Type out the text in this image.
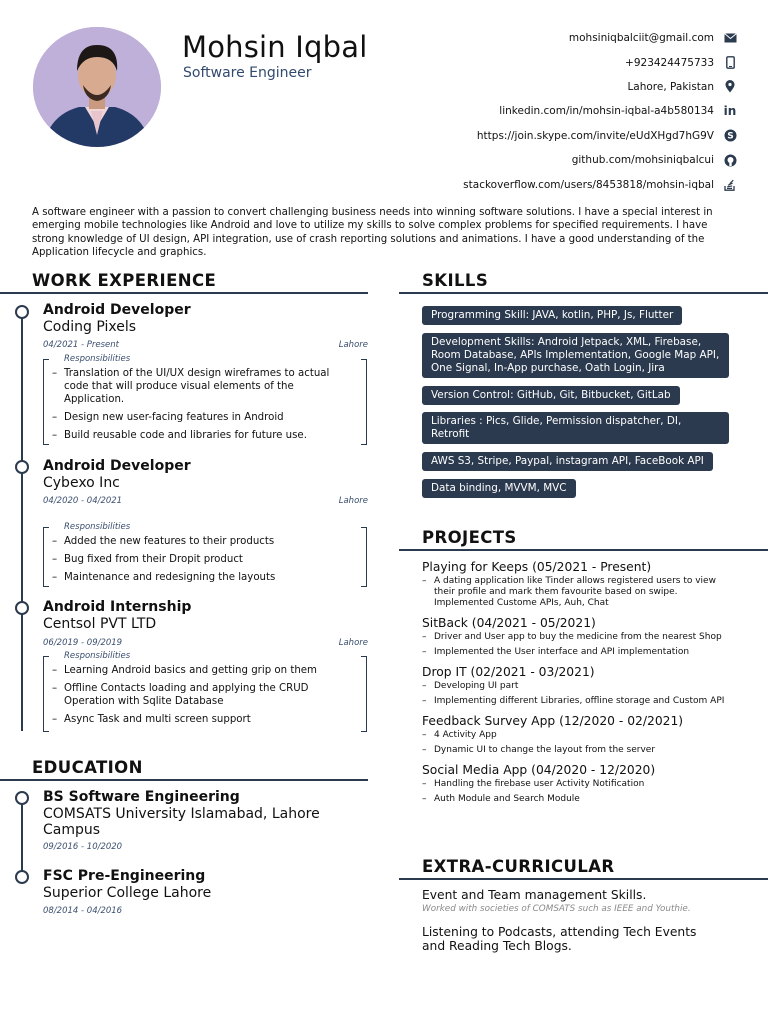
Mohsin Iqbal
Software Engineer
mohsiniqbalciit@gmail.com
+923424475733
Lahore, Pakistan
linkedin.com/in/mohsin-iqbal-a4b580134 in
https://join.skype.com/invite/eUdXHgd7hG9V S
github.com/mohsiniqbalcui
stackoverflow.com/users/8453818/mohsin-iqbal
A software engineer with a passion to convert challenging business needs into winning software solutions. I have a special interest in emerging mobile technologies like Android and love to utilize my skills to solve complex problems for specified requirements. I have strong knowledge of UI design, API integration, use of crash reporting solutions and animations. I have a good understanding of the Application lifecycle and graphics.
WORK EXPERIENCE
Android Developer
Coding Pixels
04/2021 - Present	Lahore
Responsibilities
– Translation of the UI/UX design wireframes to actual code that will produce visual elements of the Application.
– Design new user-facing features in Android
– Build reusable code and libraries for future use.
Android Developer
Cybexo Inc
04/2020 - 04/2021	Lahore
Responsibilities
– Added the new features to their products
– Bug fixed from their Dropit product
– Maintenance and redesigning the layouts
Android Internship
Centsol PVT LTD
06/2019 - 09/2019	Lahore
Responsibilities
– Learning Android basics and getting grip on them
– Offline Contacts loading and applying the CRUD Operation with Sqlite Database
– Async Task and multi screen support
EDUCATION
BS Software Engineering
COMSATS University Islamabad, Lahore Campus
09/2016 - 10/2020
FSC Pre-Engineering
Superior College Lahore
08/2014 - 04/2016
SKILLS
Programming Skill: JAVA, kotlin, PHP, Js, Flutter
Development Skills: Android Jetpack, XML, Firebase, Room Database, APIs Implementation, Google Map API, One Signal, In-App purchase, Oath Login, Jira
Version Control: GitHub, Git, Bitbucket, GitLab
Libraries : Pics, Glide, Permission dispatcher, DI, Retrofit
AWS S3, Stripe, Paypal, instagram API, FaceBook API
Data binding, MVVM, MVC
PROJECTS
Playing for Keeps (05/2021 - Present)
– A dating application like Tinder allows registered users to view their profile and mark them favourite based on swipe. Implemented Custome APIs, Auh, Chat
SitBack (04/2021 - 05/2021)
– Driver and User app to buy the medicine from the nearest Shop
– Implemented the User interface and API implementation
Drop IT (02/2021 - 03/2021)
– Developing UI part
– Implementing different Libraries, offline storage and Custom API
Feedback Survey App (12/2020 - 02/2021)
– 4 Activity App
– Dynamic UI to change the layout from the server
Social Media App (04/2020 - 12/2020)
– Handling the firebase user Activity Notification
– Auth Module and Search Module
EXTRA-CURRICULAR
Event and Team management Skills.
Worked with societies of COMSATS such as IEEE and Youthie.
Listening to Podcasts, attending Tech Events and Reading Tech Blogs.
